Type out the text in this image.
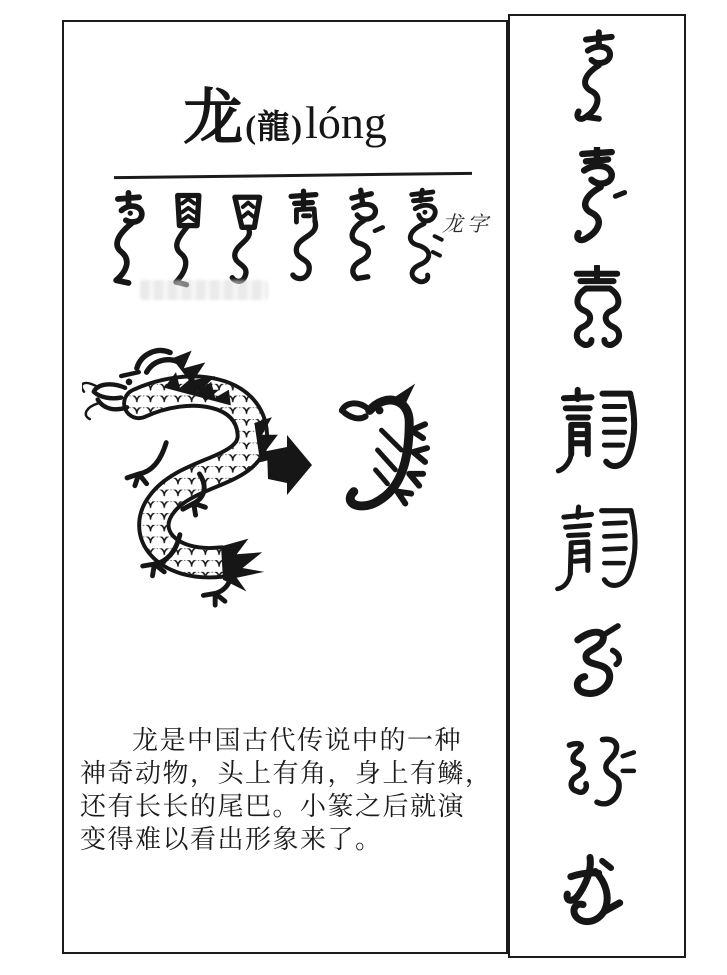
龙 (龍) lóng
龙字
龙是中国古代传说中的一种
神奇动物，头上有角，身上有鳞，
还有长长的尾巴。小篆之后就演
变得难以看出形象来了。
